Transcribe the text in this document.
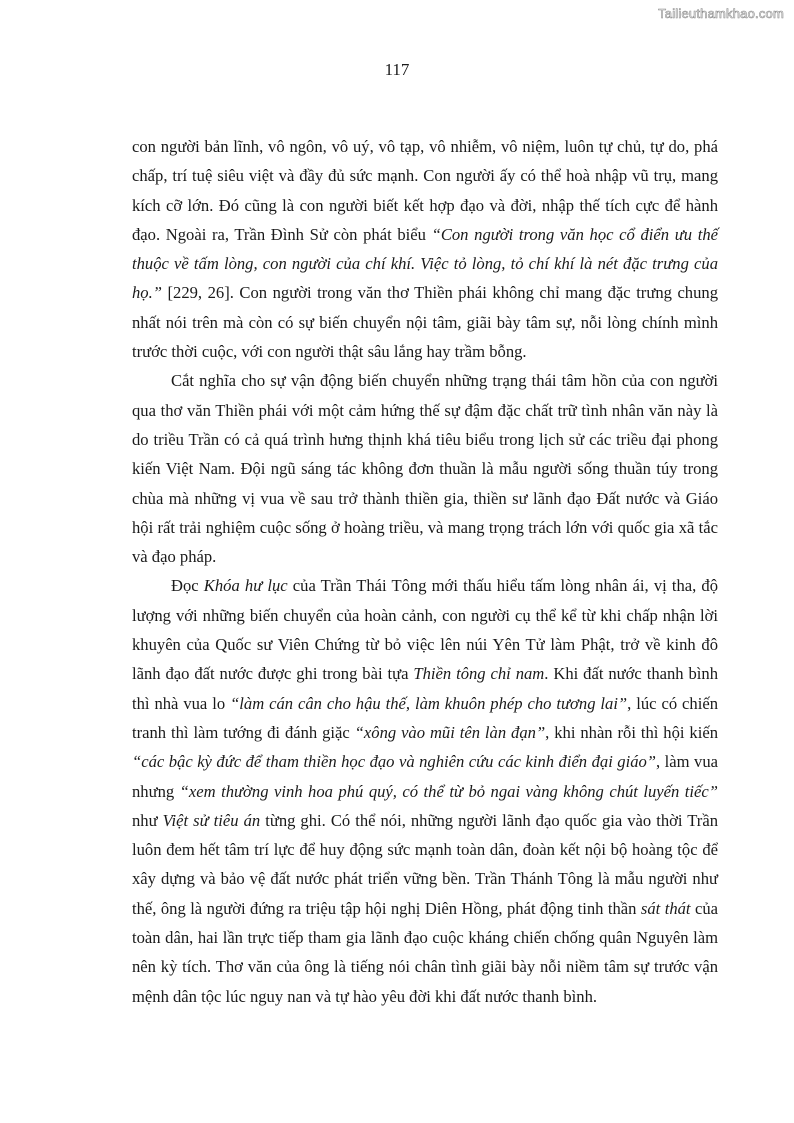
Tailieuthamkhao.com
117

con người bản lĩnh, vô ngôn, vô uý, vô tạp, vô nhiễm, vô niệm, luôn tự chủ, tự do, phá chấp, trí tuệ siêu việt và đầy đủ sức mạnh. Con người ấy có thể hoà nhập vũ trụ, mang kích cỡ lớn. Đó cũng là con người biết kết hợp đạo và đời, nhập thế tích cực để hành đạo. Ngoài ra, Trần Đình Sử còn phát biểu “Con người trong văn học cổ điển ưu thế thuộc về tấm lòng, con người của chí khí. Việc tỏ lòng, tỏ chí khí là nét đặc trưng của họ.” [229, 26]. Con người trong văn thơ Thiền phái không chỉ mang đặc trưng chung nhất nói trên mà còn có sự biến chuyển nội tâm, giãi bày tâm sự, nỗi lòng chính mình trước thời cuộc, với con người thật sâu lắng hay trầm bỗng.

Cắt nghĩa cho sự vận động biến chuyển những trạng thái tâm hồn của con người qua thơ văn Thiền phái với một cảm hứng thế sự đậm đặc chất trữ tình nhân văn này là do triều Trần có cả quá trình hưng thịnh khá tiêu biểu trong lịch sử các triều đại phong kiến Việt Nam. Đội ngũ sáng tác không đơn thuần là mẫu người sống thuần túy trong chùa mà những vị vua về sau trở thành thiền gia, thiền sư lãnh đạo Đất nước và Giáo hội rất trải nghiệm cuộc sống ở hoàng triều, và mang trọng trách lớn với quốc gia xã tắc và đạo pháp.

Đọc Khóa hư lục của Trần Thái Tông mới thấu hiểu tấm lòng nhân ái, vị tha, độ lượng với những biến chuyển của hoàn cảnh, con người cụ thể kể từ khi chấp nhận lời khuyên của Quốc sư Viên Chứng từ bỏ việc lên núi Yên Tử làm Phật, trở về kinh đô lãnh đạo đất nước được ghi trong bài tựa Thiền tông chỉ nam. Khi đất nước thanh bình thì nhà vua lo “làm cán cân cho hậu thế, làm khuôn phép cho tương lai”, lúc có chiến tranh thì làm tướng đi đánh giặc “xông vào mũi tên làn đạn”, khi nhàn rỗi thì hội kiến “các bậc kỳ đức để tham thiền học đạo và nghiên cứu các kinh điển đại giáo”, làm vua nhưng “xem thường vinh hoa phú quý, có thể từ bỏ ngai vàng không chút luyến tiếc” như Việt sử tiêu án từng ghi. Có thể nói, những người lãnh đạo quốc gia vào thời Trần luôn đem hết tâm trí lực để huy động sức mạnh toàn dân, đoàn kết nội bộ hoàng tộc để xây dựng và bảo vệ đất nước phát triển vững bền. Trần Thánh Tông là mẫu người như thế, ông là người đứng ra triệu tập hội nghị Diên Hồng, phát động tinh thần sát thát của toàn dân, hai lần trực tiếp tham gia lãnh đạo cuộc kháng chiến chống quân Nguyên làm nên kỳ tích. Thơ văn của ông là tiếng nói chân tình giãi bày nỗi niềm tâm sự trước vận mệnh dân tộc lúc nguy nan và tự hào yêu đời khi đất nước thanh bình.
